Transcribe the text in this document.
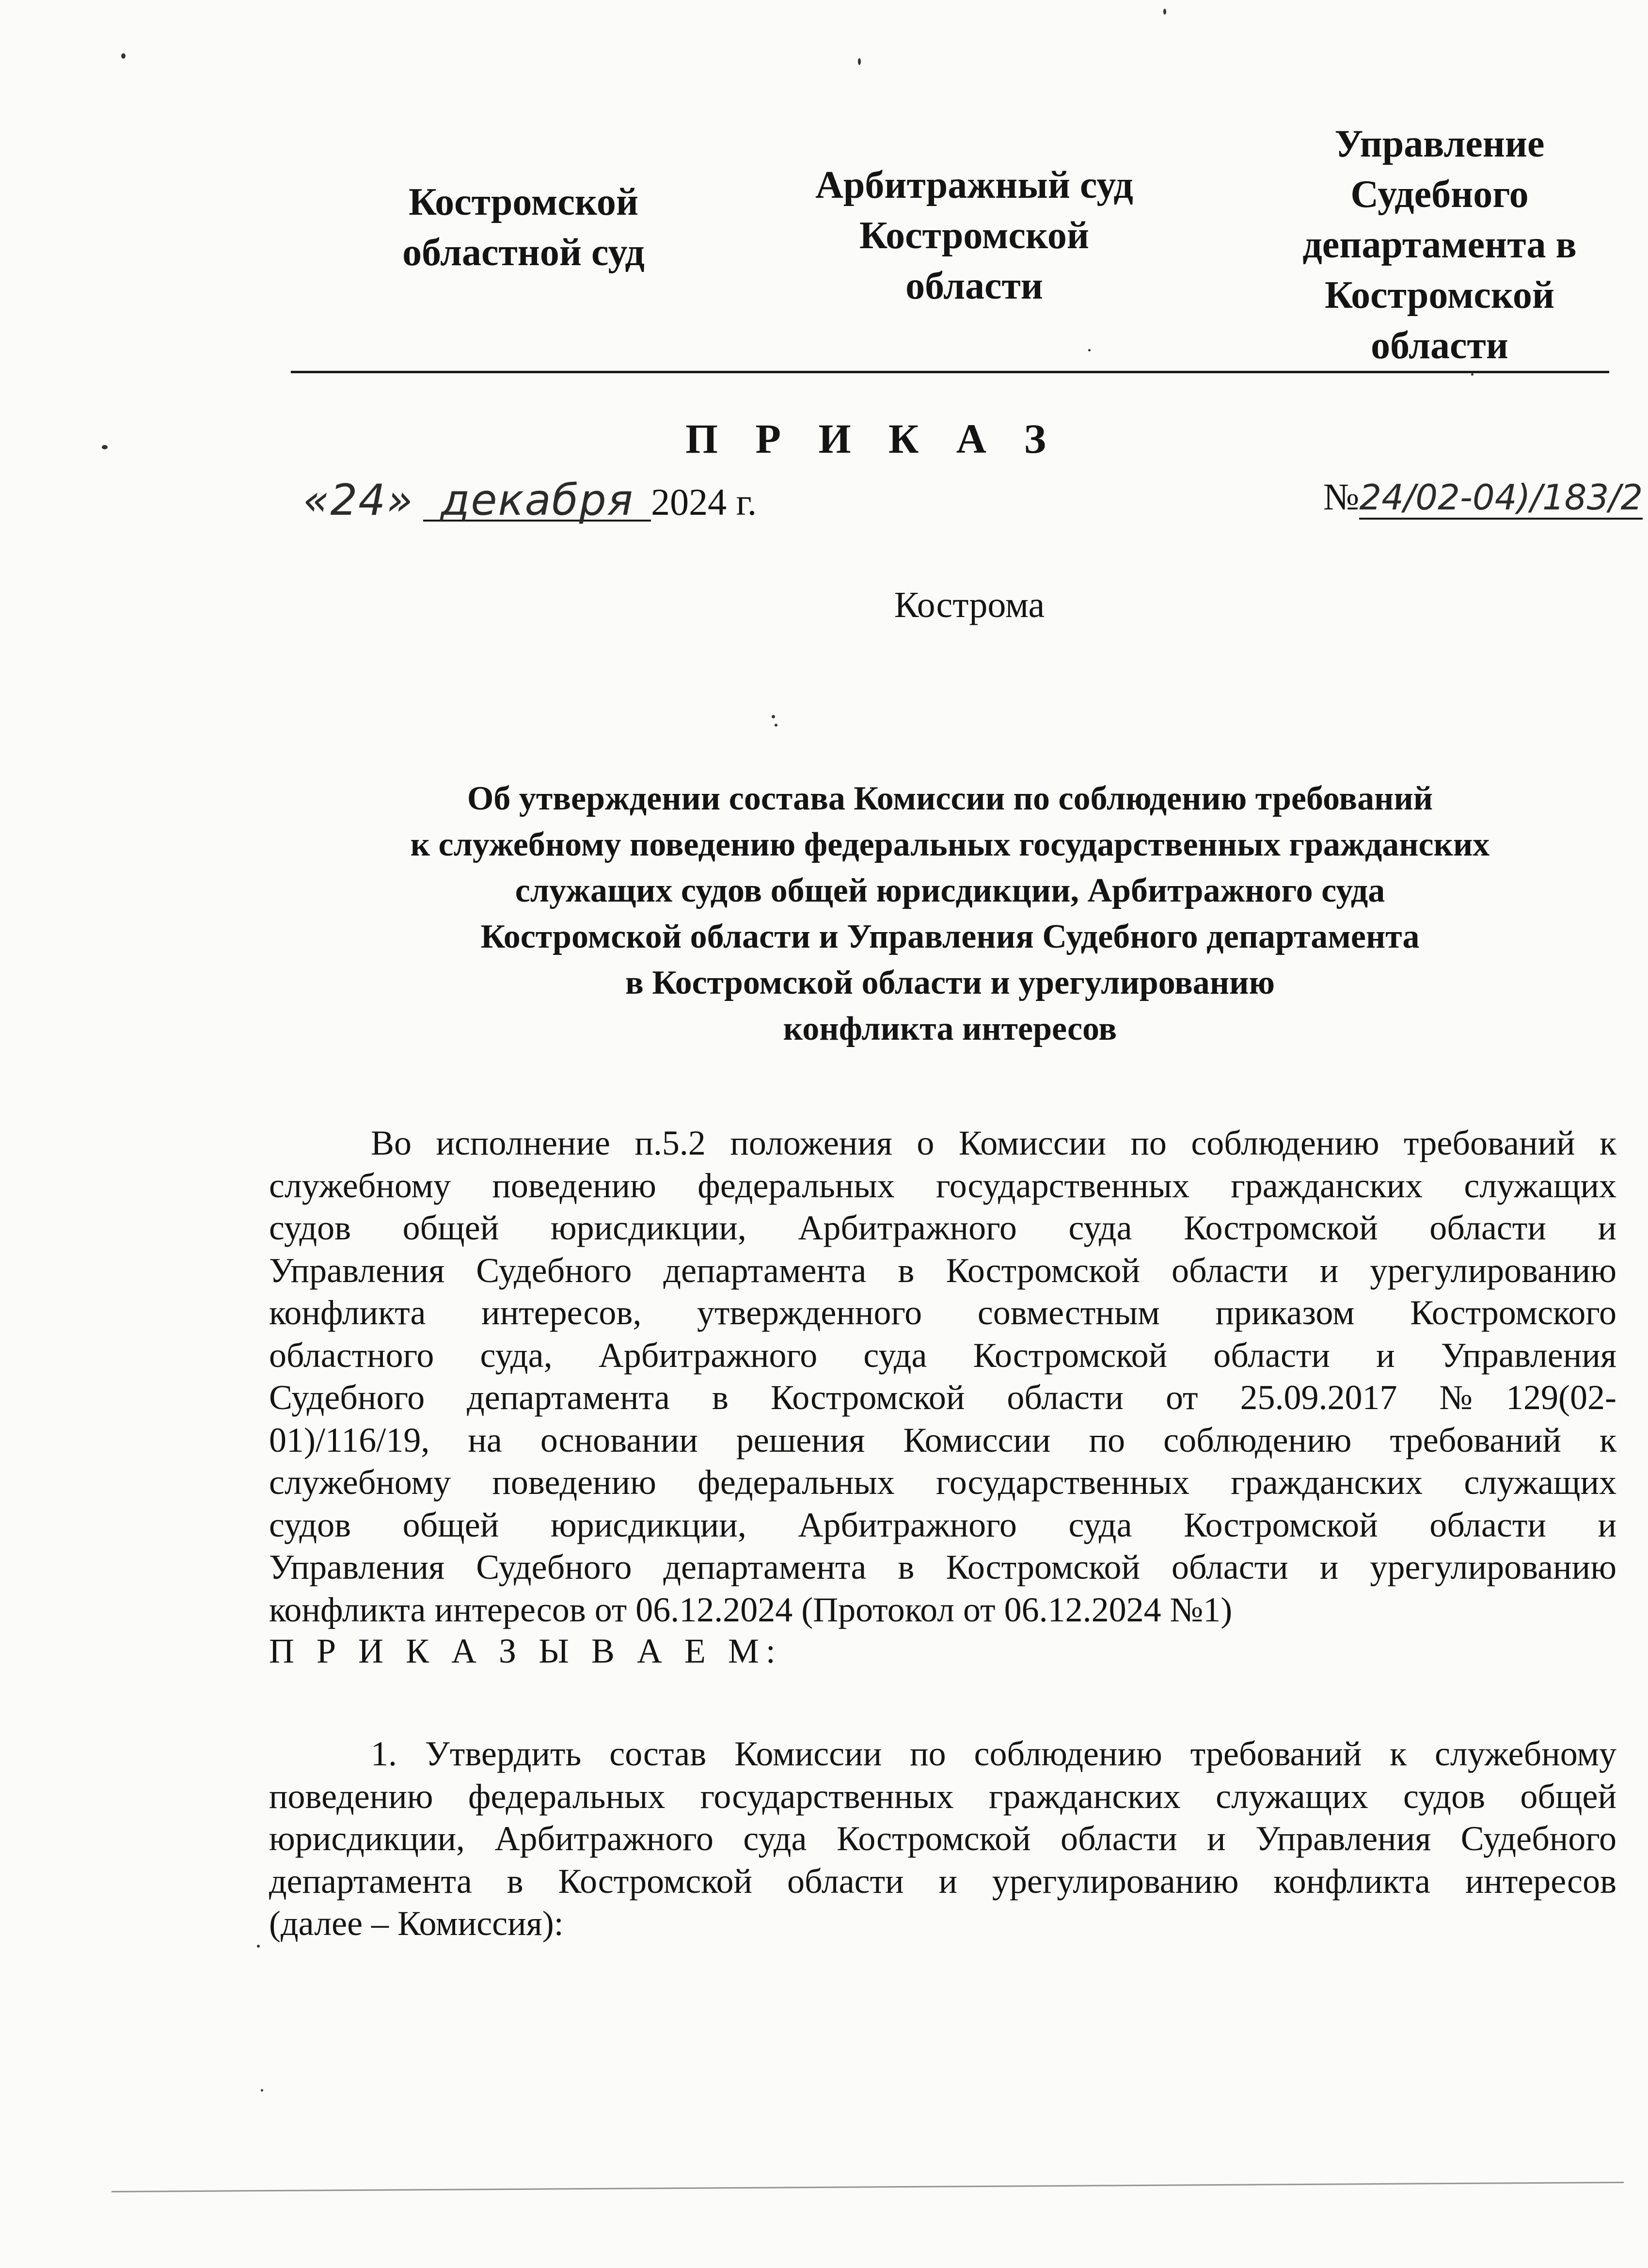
Костромской
областной суд
Арбитражный суд
Костромской
области
Управление
Судебного
департамента в
Костромской
области
П Р И К А З
«24» декабря 2024 г.	№24/02-04)/183/2
Кострома
Об утверждении состава Комиссии по соблюдению требований
к служебному поведению федеральных государственных гражданских
служащих судов общей юрисдикции, Арбитражного суда
Костромской области и Управления Судебного департамента
в Костромской области и урегулированию
конфликта интересов
Во исполнение п.5.2 положения о Комиссии по соблюдению требований к
служебному поведению федеральных государственных гражданских служащих
судов общей юрисдикции, Арбитражного суда Костромской области и
Управления Судебного департамента в Костромской области и урегулированию
конфликта интересов, утвержденного совместным приказом Костромского
областного суда, Арбитражного суда Костромской области и Управления
Судебного департамента в Костромской области от 25.09.2017 №129(02-
01)/116/19, на основании решения Комиссии по соблюдению требований к
служебному поведению федеральных государственных гражданских служащих
судов общей юрисдикции, Арбитражного суда Костромской области и
Управления Судебного департамента в Костромской области и урегулированию
конфликта интересов от 06.12.2024 (Протокол от 06.12.2024 №1)
П Р И К А З Ы В А Е М:
1. Утвердить состав Комиссии по соблюдению требований к служебному
поведению федеральных государственных гражданских служащих судов общей
юрисдикции, Арбитражного суда Костромской области и Управления Судебного
департамента в Костромской области и урегулированию конфликта интересов
(далее – Комиссия):
